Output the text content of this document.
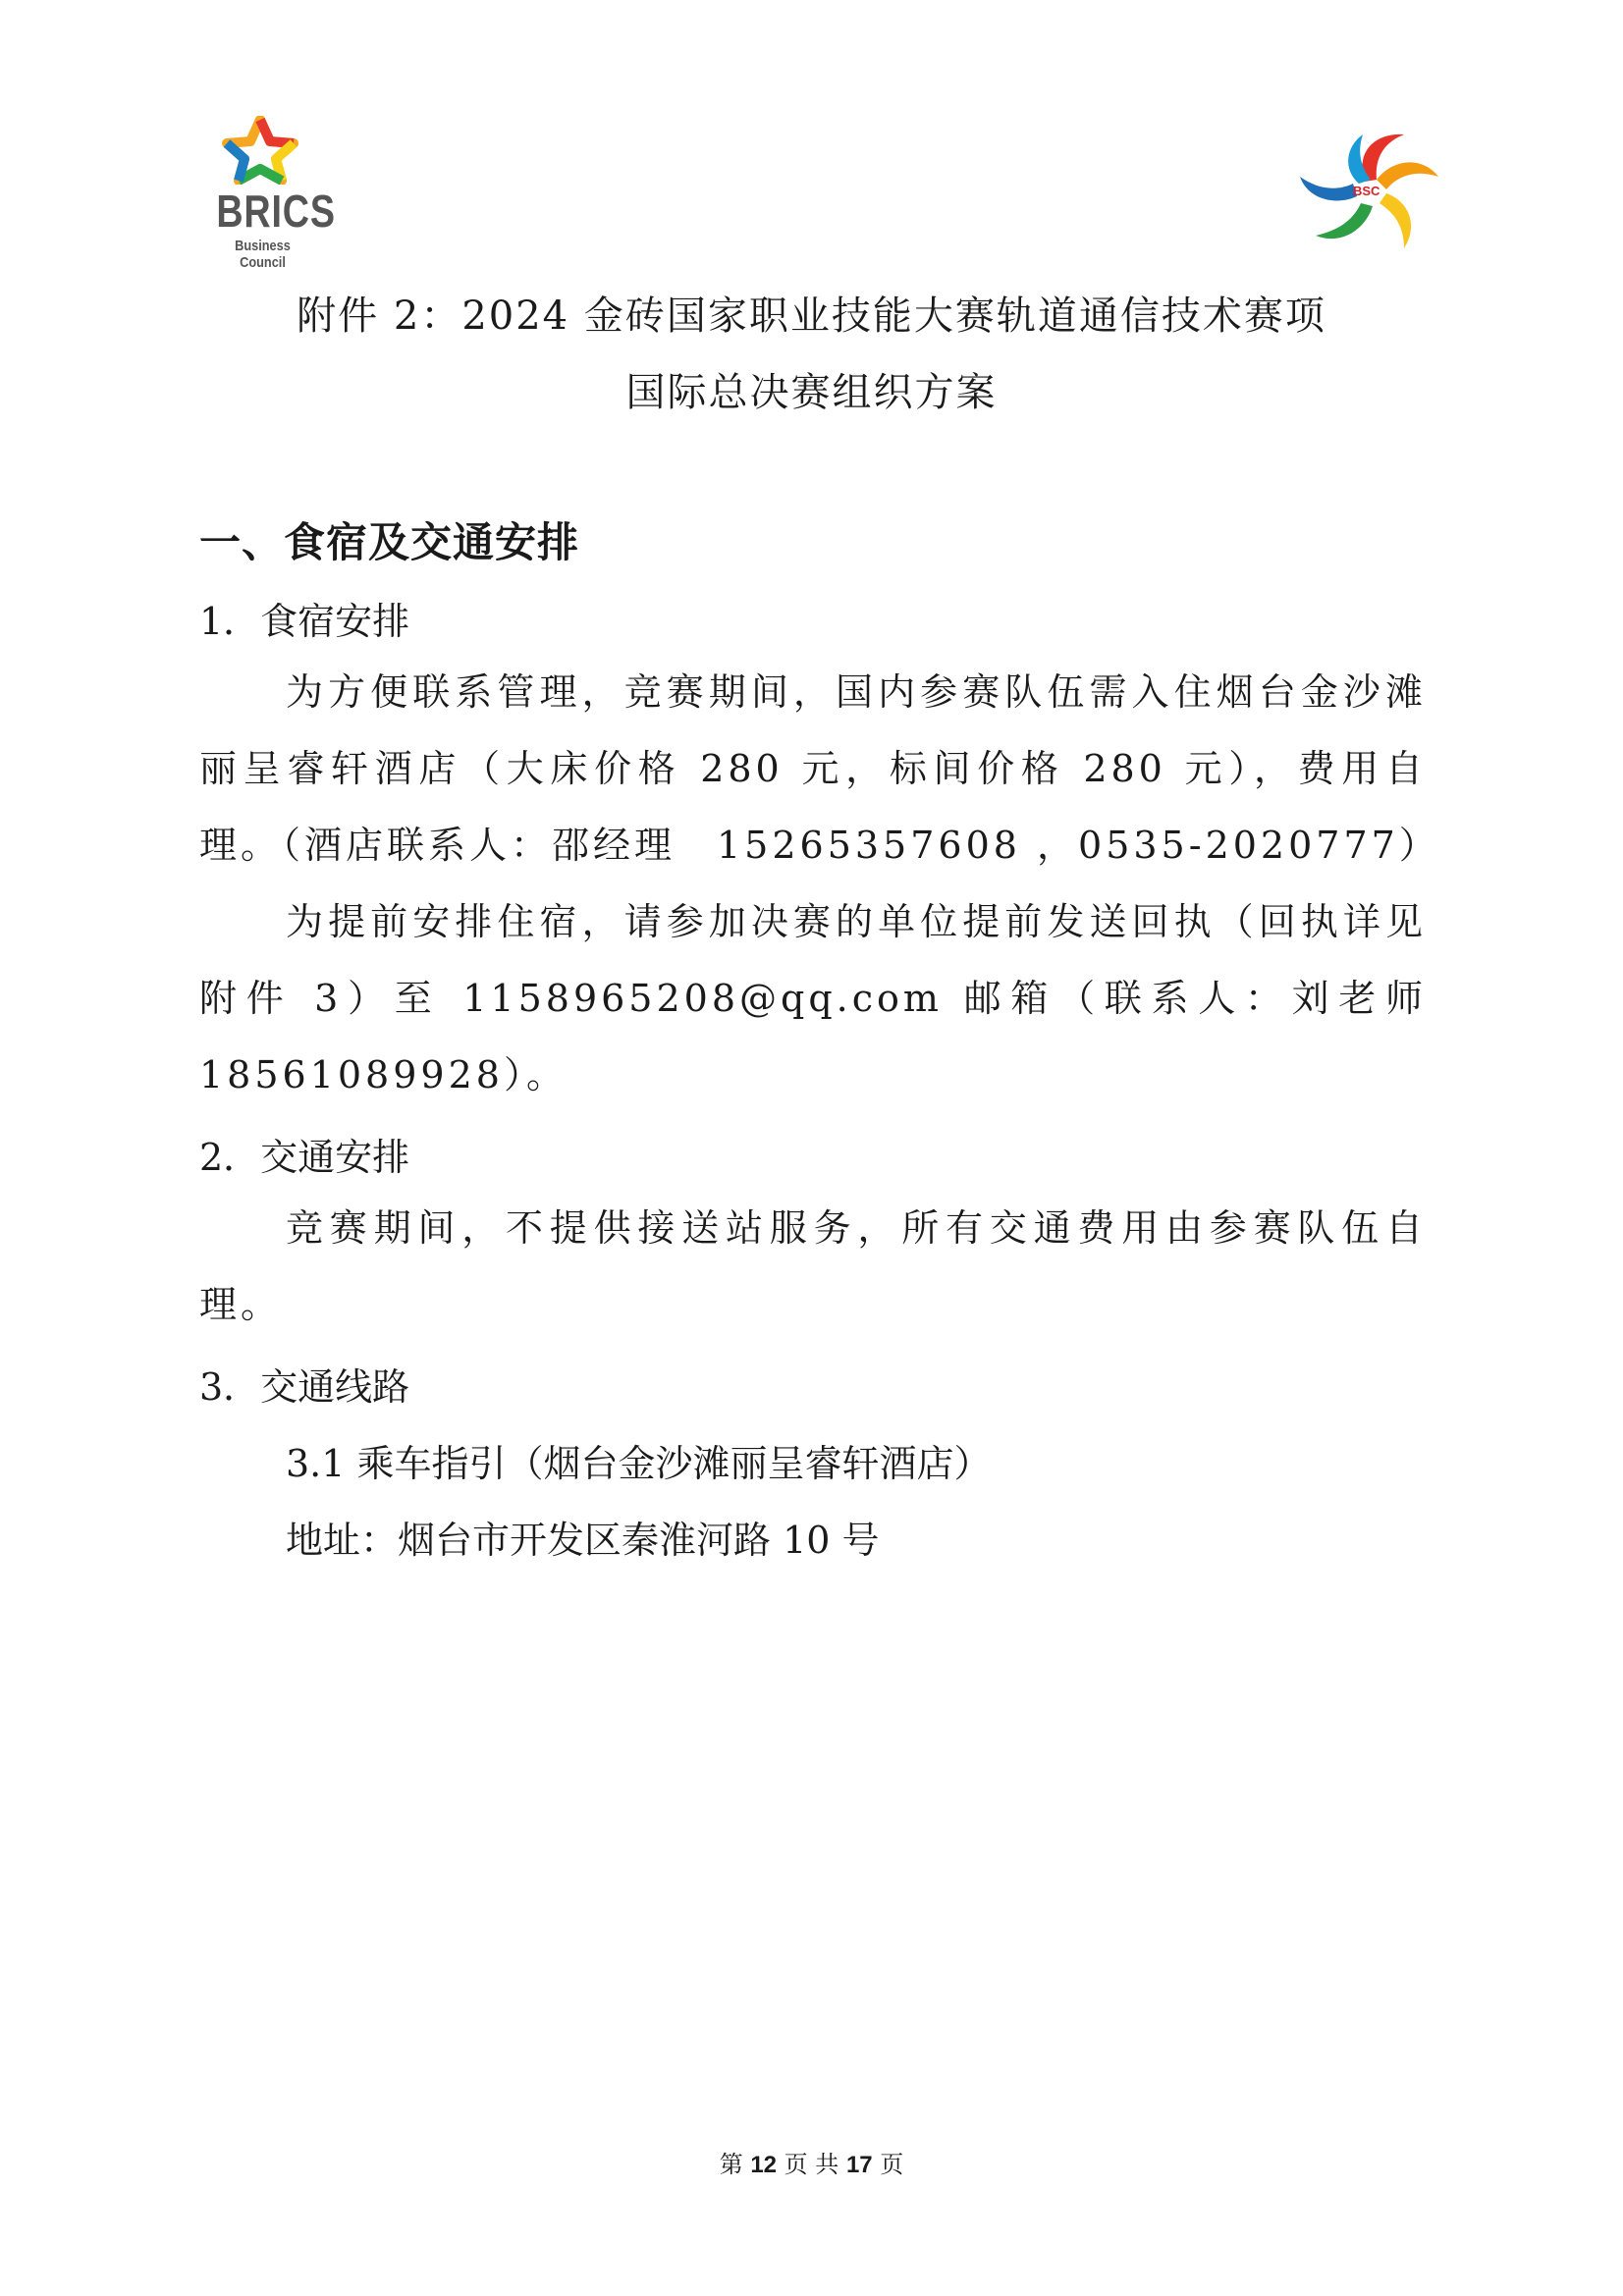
BRICS
Business Council
BSC
附件 2：2024 金砖国家职业技能大赛轨道通信技术赛项
国际总决赛组织方案
一、食宿及交通安排
1．食宿安排
为方便联系管理，竞赛期间，国内参赛队伍需入住烟台金沙滩丽呈睿轩酒店（大床价格 280 元，标间价格 280 元），费用自理。（酒店联系人：邵经理　15265357608 ，0535-2020777）
为提前安排住宿，请参加决赛的单位提前发送回执（回执详见附件 3）至 1158965208@qq.com 邮箱（联系人：刘老师18561089928）。
2．交通安排
竞赛期间，不提供接送站服务，所有交通费用由参赛队伍自理。
3．交通线路
3.1 乘车指引（烟台金沙滩丽呈睿轩酒店）
地址：烟台市开发区秦淮河路 10 号
第 12 页 共 17 页
